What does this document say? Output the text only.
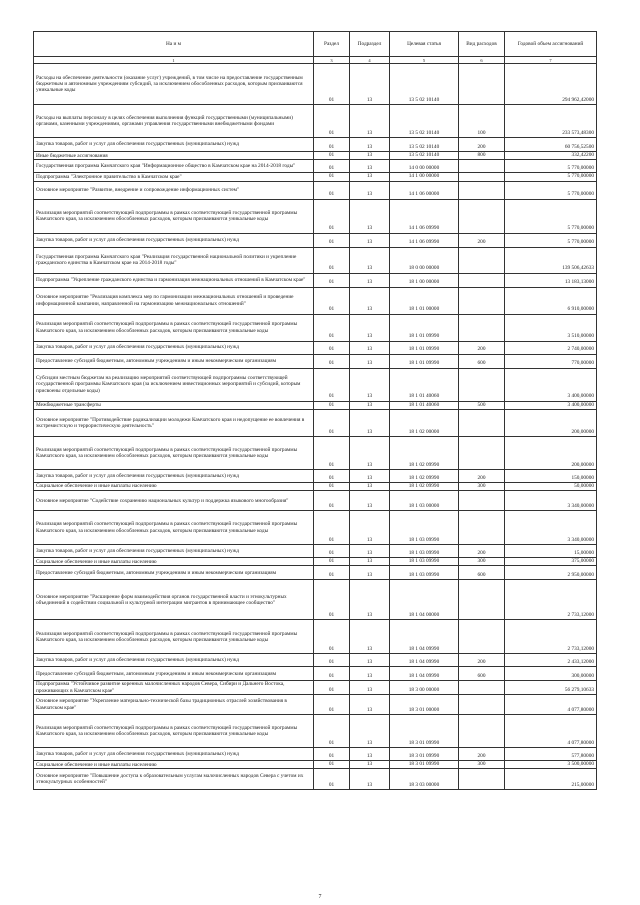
Ha и м	Раздел	Подраздел	Целевая статья	Вид расходов	Годовой объем ассигнований
1	3	4	5	6	7
Расходы на обеспечение деятельности (оказание услуг) учреждений, в том числе на предоставление государственным бюджетным и автономным учреждениям субсидий, за исключением обособленных расходов, которым присваиваются уникальные коды	01	13	13 5 02 10140		294 962,42000
Расходы на выплаты персоналу в целях обеспечения выполнения функций государственными (муниципальными) органами, казенными учреждениями, органами управления государственными внебюджетными фондами	01	13	13 5 02 10140	100	233 573,48300
Закупка товаров, работ и услуг для обеспечения государственных (муниципальных) нужд	01	13	13 5 02 10140	200	60 756,52500
Иные бюджетные ассигнования	01	13	13 5 02 10140	800	332,42200
Государственная программа Камчатского края "Информационное общество в Камчатском крае на 2014-2018 годы"	01	13	14 0 00 00000		5 770,00000
Подпрограмма "Электронное правительство в Камчатском крае"	01	13	14 1 00 00000		5 770,00000
Основное мероприятие "Развитие, внедрение и сопровождение информационных систем"	01	13	14 1 06 00000		5 770,00000
Реализация мероприятий соответствующей подпрограммы в рамках соответствующей государственной программы Камчатского края, за исключением обособленных расходов, которым присваиваются уникальные коды	01	13	14 1 06 09990		5 770,00000
Закупка товаров, работ и услуг для обеспечения государственных (муниципальных) нужд	01	13	14 1 06 09990	200	5 770,00000
Государственная программа Камчатского края "Реализация государственной национальной политики и укрепление гражданского единства в Камчатском крае на 2014-2018 годы"	01	13	18 0 00 00000		139 506,42633
Подпрограмма "Укрепление гражданского единства и гармонизация межнациональных отношений в Камчатском крае"	01	13	18 1 00 00000		13 183,13000
Основное мероприятие "Реализация комплекса мер по гармонизации межнациональных отношений и проведение информационной кампании, направленной на гармонизацию межнациональных отношений"	01	13	18 1 01 00000		6 910,00000
Реализация мероприятий соответствующей подпрограммы в рамках соответствующей государственной программы Камчатского края, за исключением обособленных расходов, которым присваиваются уникальные коды	01	13	18 1 01 09990		3 510,00000
Закупка товаров, работ и услуг для обеспечения государственных (муниципальных) нужд	01	13	18 1 01 09990	200	2 740,00000
Предоставление субсидий бюджетным, автономным учреждениям и иным некоммерческим организациям	01	13	18 1 01 09990	600	770,00000
Субсидии местным бюджетам на реализацию мероприятий соответствующей подпрограммы соответствующей государственной программы Камчатского края (за исключением инвестиционных мероприятий и субсидий, которым присвоены отдельные коды)	01	13	18 1 01 40060		3 400,00000
Межбюджетные трансферты	01	13	18 1 01 40060	500	3 400,00000
Основное мероприятие "Противодействие радикализации молодежи Камчатского края и недопущение ее вовлечения в экстремистскую и террористическую деятельность"	01	13	18 1 02 00000		200,00000
Реализация мероприятий соответствующей подпрограммы в рамках соответствующей государственной программы Камчатского края, за исключением обособленных расходов, которым присваиваются уникальные коды	01	13	18 1 02 09990		200,00000
Закупка товаров, работ и услуг для обеспечения государственных (муниципальных) нужд	01	13	18 1 02 09990	200	150,00000
Социальное обеспечение и иные выплаты населению	01	13	18 1 02 09990	300	50,00000
Основное мероприятие "Содействие сохранению национальных культур и поддержка языкового многообразия"	01	13	18 1 03 00000		3 340,00000
Реализация мероприятий соответствующей подпрограммы в рамках соответствующей государственной программы Камчатского края, за исключением обособленных расходов, которым присваиваются уникальные коды	01	13	18 1 03 09990		3 340,00000
Закупка товаров, работ и услуг для обеспечения государственных (муниципальных) нужд	01	13	18 1 03 09990	200	15,00000
Социальное обеспечение и иные выплаты населению	01	13	18 1 03 09990	300	375,00000
Предоставление субсидий бюджетным, автономным учреждениям и иным некоммерческим организациям	01	13	18 1 03 09990	600	2 950,00000
Основное мероприятие "Расширение форм взаимодействия органов государственной власти и этнокультурных объединений в содействии социальной и культурной интеграции мигрантов в принимающее сообщество"	01	13	18 1 04 00000		2 733,12000
Реализация мероприятий соответствующей подпрограммы в рамках соответствующей государственной программы Камчатского края, за исключением обособленных расходов, которым присваиваются уникальные коды	01	13	18 1 04 09990		2 733,12000
Закупка товаров, работ и услуг для обеспечения государственных (муниципальных) нужд	01	13	18 1 04 09990	200	2 433,12000
Предоставление субсидий бюджетным, автономным учреждениям и иным некоммерческим организациям	01	13	18 1 04 09990	600	300,00000
Подпрограмма "Устойчивое развитие коренных малочисленных народов Севера, Сибири и Дальнего Востока, проживающих в Камчатском крае"	01	13	18 3 00 00000		56 279,10633
Основное мероприятие "Укрепление материально-технической базы традиционных отраслей хозяйствования в Камчатском крае"	01	13	18 3 01 00000		4 077,80000
Реализация мероприятий соответствующей подпрограммы в рамках соответствующей государственной программы Камчатского края, за исключением обособленных расходов, которым присваиваются уникальные коды	01	13	18 3 01 09990		4 077,80000
Закупка товаров, работ и услуг для обеспечения государственных (муниципальных) нужд	01	13	18 3 01 09990	200	577,80000
Социальное обеспечение и иные выплаты населению	01	13	18 3 01 09990	300	3 500,00000
Основное мероприятие "Повышение доступа к образовательным услугам малочисленных народов Севера с учетом их этнокультурных особенностей"	01	13	18 3 03 00000		215,00000
7
